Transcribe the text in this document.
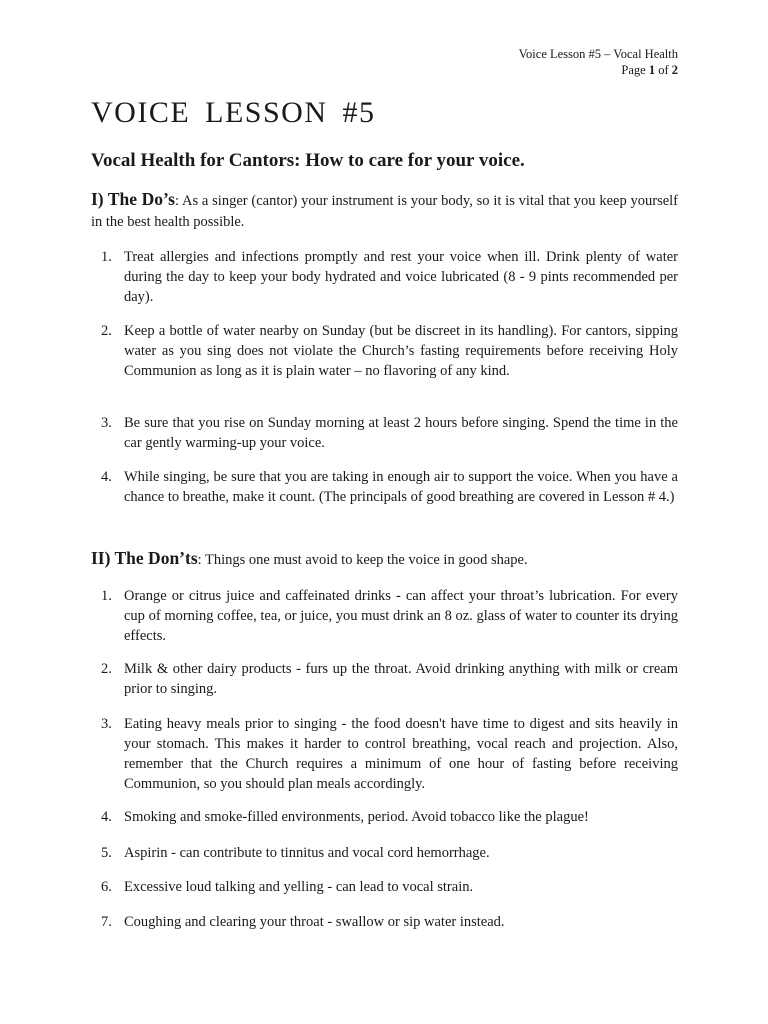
Voice Lesson #5 – Vocal Health
Page 1 of 2
VOICE LESSON #5
Vocal Health for Cantors: How to care for your voice.

I) The Do’s: As a singer (cantor) your instrument is your body, so it is vital that you keep yourself in the best health possible.

1. Treat allergies and infections promptly and rest your voice when ill. Drink plenty of water during the day to keep your body hydrated and voice lubricated (8 - 9 pints recommended per day).
2. Keep a bottle of water nearby on Sunday (but be discreet in its handling). For cantors, sipping water as you sing does not violate the Church’s fasting requirements before receiving Holy Communion as long as it is plain water – no flavoring of any kind.
3. Be sure that you rise on Sunday morning at least 2 hours before singing. Spend the time in the car gently warming-up your voice.
4. While singing, be sure that you are taking in enough air to support the voice. When you have a chance to breathe, make it count. (The principals of good breathing are covered in Lesson # 4.)

II) The Don’ts: Things one must avoid to keep the voice in good shape.

1. Orange or citrus juice and caffeinated drinks - can affect your throat’s lubrication. For every cup of morning coffee, tea, or juice, you must drink an 8 oz. glass of water to counter its drying effects.
2. Milk & other dairy products - furs up the throat. Avoid drinking anything with milk or cream prior to singing.
3. Eating heavy meals prior to singing - the food doesn't have time to digest and sits heavily in your stomach. This makes it harder to control breathing, vocal reach and projection. Also, remember that the Church requires a minimum of one hour of fasting before receiving Communion, so you should plan meals accordingly.
4. Smoking and smoke-filled environments, period. Avoid tobacco like the plague!
5. Aspirin - can contribute to tinnitus and vocal cord hemorrhage.
6. Excessive loud talking and yelling - can lead to vocal strain.
7. Coughing and clearing your throat - swallow or sip water instead.
